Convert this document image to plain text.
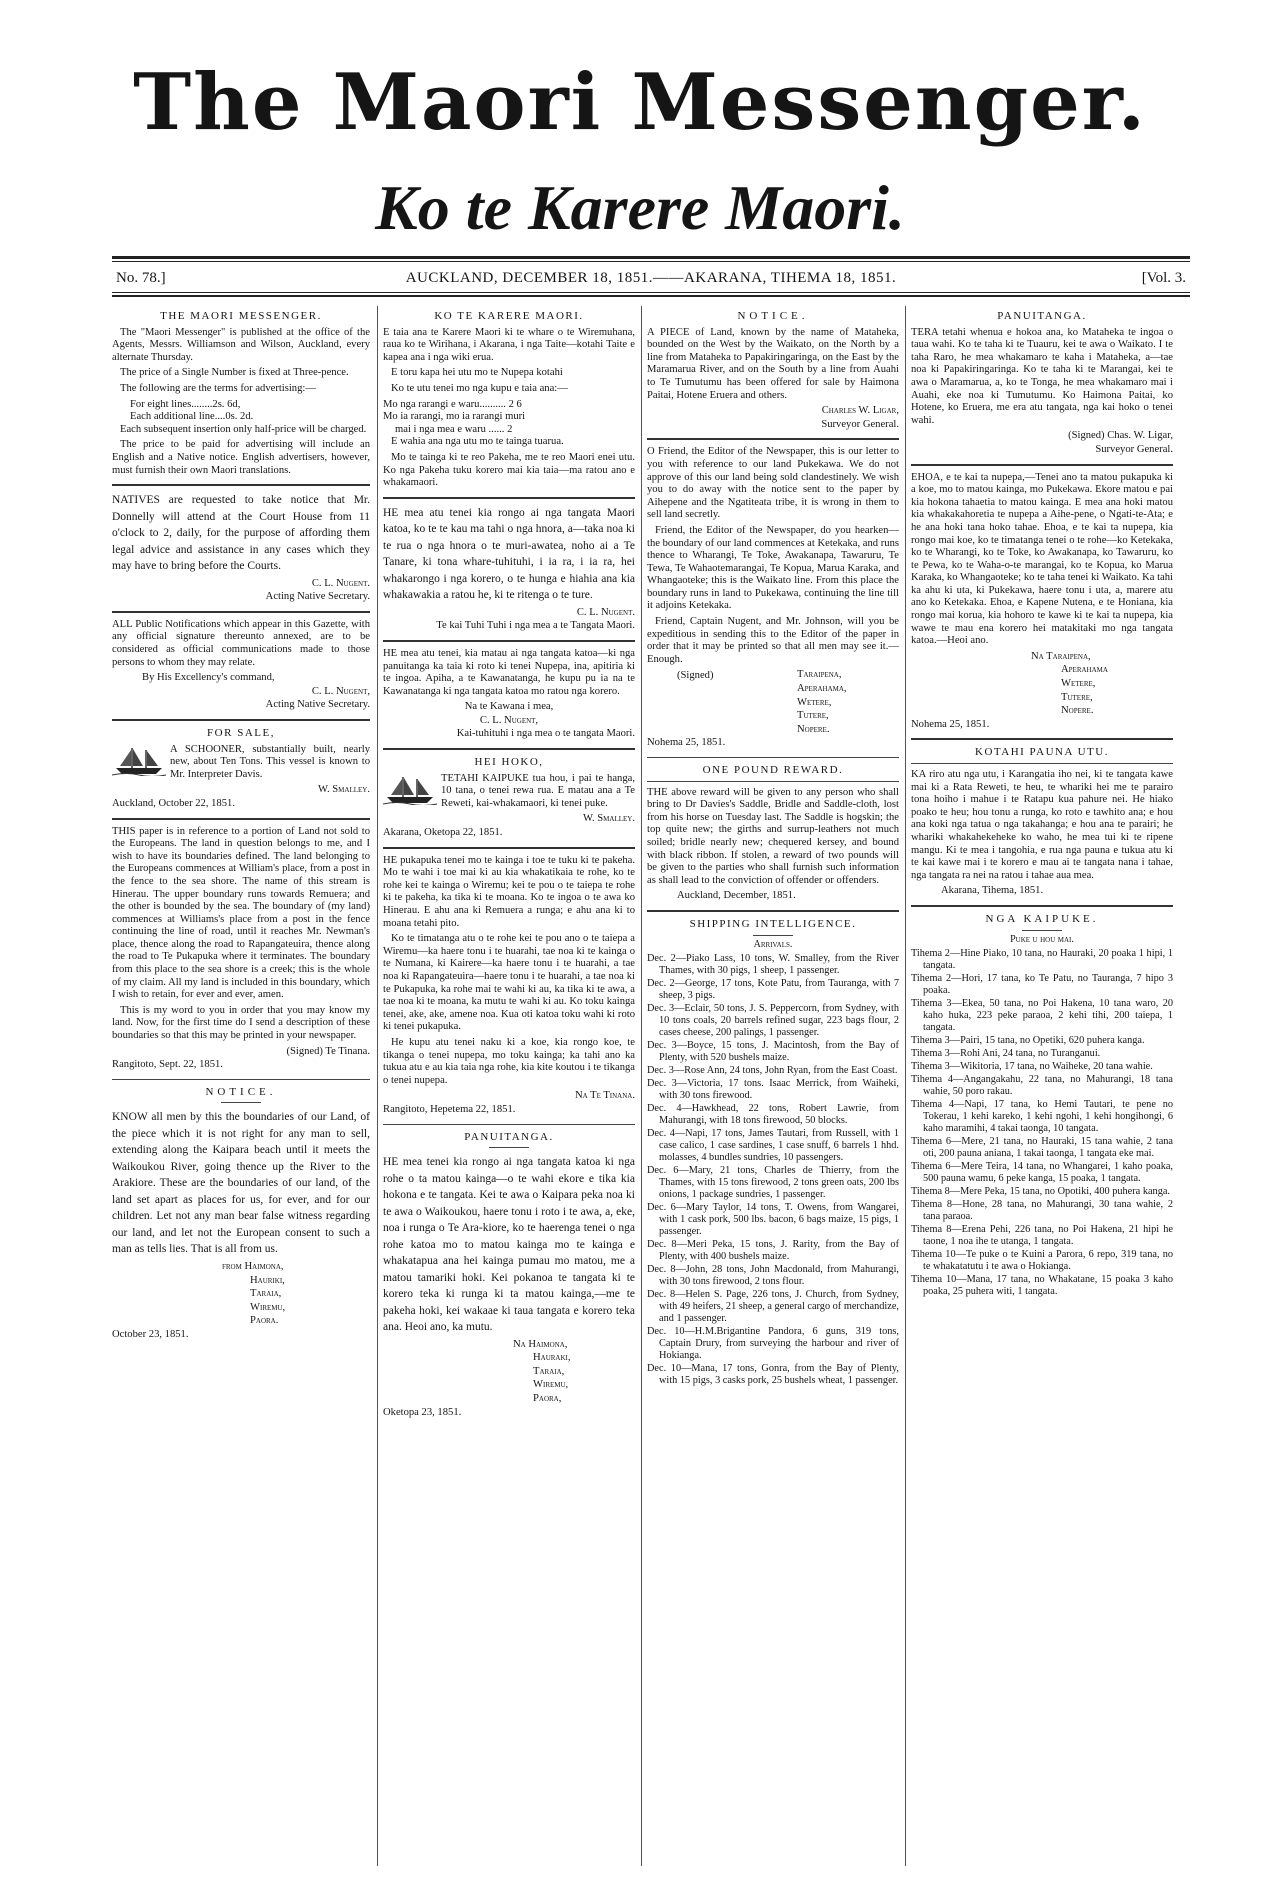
The Maori Messenger.
Ko te Karere Maori.
No. 78.]	AUCKLAND, DECEMBER 18, 1851.——AKARANA, TIHEMA 18, 1851.	[Vol. 3.
THE MAORI MESSENGER.

The "Maori Messenger" is published at the office of the Agents, Messrs. Williamson and Wilson, Auckland, every alternate Thursday.

The price of a Single Number is fixed at Three-pence.

The following are the terms for advertising:—

For eight lines........2s. 6d,
Each additional line....0s. 2d.

Each subsequent insertion only half-price will be charged.

The price to be paid for advertising will include an English and a Native notice. English advertisers, however, must furnish their own Maori translations.

NATIVES are requested to take notice that Mr. Donnelly will attend at the Court House from 11 o'clock to 2, daily, for the purpose of affording them legal advice and assistance in any cases which they may have to bring before the Courts.

C. L. Nugent.
Acting Native Secretary.

ALL Public Notifications which appear in this Gazette, with any official signature thereunto annexed, are to be considered as official communications made to those persons to whom they may relate.

By His Excellency's command,
C. L. Nugent,
Acting Native Secretary.
FOR SALE,

A SCHOONER, substantially built, nearly new, about Ten Tons. This vessel is known to Mr. Interpreter Davis.

W. Smalley.
Auckland, October 22, 1851.

THIS paper is in reference to a portion of Land not sold to the Europeans. The land in question belongs to me, and I wish to have its boundaries defined. The land belonging to the Europeans commences at William's place, from a post in the fence to the sea shore. The name of this stream is Hinerau. The upper boundary runs towards Remuera; and the other is bounded by the sea. The boundary of (my land) commences at Williams's place from a post in the fence continuing the line of road, until it reaches Mr. Newman's place, thence along the road to Rapangateuira, thence along the road to Te Pukapuka where it terminates. The boundary from this place to the sea shore is a creek; this is the whole of my claim. All my land is included in this boundary, which I wish to retain, for ever and ever, amen.

This is my word to you in order that you may know my land. Now, for the first time do I send a description of these boundaries so that this may be printed in your newspaper.

(Signed) Te Tinana.
Rangitoto, Sept. 22, 1851.
NOTICE.

KNOW all men by this the boundaries of our Land, of the piece which it is not right for any man to sell, extending along the Kaipara beach until it meets the Waikoukou River, going thence up the River to the Arakiore. These are the boundaries of our land, of the land set apart as places for us, for ever, and for our children. Let not any man bear false witness regarding our land, and let not the European consent to such a man as tells lies. That is all from us.

from Haimona,
Hauriki,
Taraia,
Wiremu,
Paora.
October 23, 1851.
KO TE KARERE MAORI.

E taia ana te Karere Maori ki te whare o te Wiremuhana, raua ko te Wirihana, i Akarana, i nga Taite—kotahi Taite e kapea ana i nga wiki erua.

E toru kapa hei utu mo te Nupepa kotahi

Ko te utu tenei mo nga kupu e taia ana:—

Mo nga rarangi e waru.......... 2 6
Mo ia rarangi, mo ia rarangi muri
mai i nga mea e waru ...... 2

E wahia ana nga utu mo te tainga tuarua.

Mo te tainga ki te reo Pakeha, me te reo Maori enei utu. Ko nga Pakeha tuku korero mai kia taia—ma ratou ano e whakamaori.

HE mea atu tenei kia rongo ai nga tangata Maori katoa, ko te te kau ma tahi o nga hnora, a—taka noa ki te rua o nga hnora o te muri-awatea, noho ai a Te Tanare, ki tona whare-tuhituhi, i ia ra, i ia ra, hei whakarongo i nga korero, o te hunga e hiahia ana kia whakawakia a ratou he, ki te ritenga o te ture.

C. L. Nugent.
Te kai Tuhi Tuhi i nga mea a te Tangata Maori.

HE mea atu tenei, kia matau ai nga tangata katoa—ki nga panuitanga ka taia ki roto ki tenei Nupepa, ina, apitiria ki te ingoa. Apiha, a te Kawanatanga, he kupu pu ia na te Kawanatanga ki nga tangata katoa mo ratou nga korero.

Na te Kawana i mea,
C. L. Nugent,
Kai-tuhituhi i nga mea o te tangata Maori.
HEI HOKO,

TETAHI KAIPUKE tua hou, i pai te hanga, 10 tana, o tenei rewa rua. E matau ana a Te Reweti, kai-whakamaori, ki tenei puke.

W. Smalley.
Akarana, Oketopa 22, 1851.

HE pukapuka tenei mo te kainga i toe te tuku ki te pakeha. Mo te wahi i toe mai ki au kia whakatikaia te rohe, ko te rohe kei te kainga o Wiremu; kei te pou o te taiepa te rohe ki te pakeha, ka tika ki te moana. Ko te ingoa o te awa ko Hinerau. E ahu ana ki Remuera a runga; e ahu ana ki to moana tetahi pito.

Ko te timatanga atu o te rohe kei te pou ano o te taiepa a Wiremu—ka haere tonu i te huarahi, tae noa ki te kainga o te Numana, ki Kairere—ka haere tonu i te huarahi, a tae noa ki Rapangateuira—haere tonu i te huarahi, a tae noa ki te Pukapuka, ka rohe mai te wahi ki au, ka tika ki te awa, a tae noa ki te moana, ka mutu te wahi ki au. Ko toku kainga tenei, ake, ake, amene noa. Kua oti katoa toku wahi ki roto ki tenei pukapuka.

He kupu atu tenei naku ki a koe, kia rongo koe, te tikanga o tenei nupepa, mo toku kainga; ka tahi ano ka tukua atu e au kia taia nga rohe, kia kite koutou i te tikanga o tenei nupepa.

Na Te Tinana.
Rangitoto, Hepetema 22, 1851.
PANUITANGA.

HE mea tenei kia rongo ai nga tangata katoa ki nga rohe o ta matou kainga—o te wahi ekore e tika kia hokona e te tangata. Kei te awa o Kaipara peka noa ki te awa o Waikoukou, haere tonu i roto i te awa, a, eke, noa i runga o Te Ara-kiore, ko te haerenga tenei o nga rohe katoa mo to matou kainga mo te kainga e whakatapua ana hei kainga pumau mo matou, me a matou tamariki hoki. Kei pokanoa te tangata ki te korero teka ki runga ki ta matou kainga,—me te pakeha hoki, kei wakaae ki taua tangata e korero teka ana. Heoi ano, ka mutu.

Na Haimona,
Hauraki,
Taraia,
Wiremu,
Paora,
Oketopa 23, 1851.
NOTICE.

A PIECE of Land, known by the name of Mataheka, bounded on the West by the Waikato, on the North by a line from Mataheka to Papakiringaringa, on the East by the Maramarua River, and on the South by a line from Auahi to Te Tumutumu has been offered for sale by Haimona Paitai, Hotene Eruera and others.

Charles W. Ligar,
Surveyor General.

O Friend, the Editor of the Newspaper, this is our letter to you with reference to our land Pukekawa. We do not approve of this our land being sold clandestinely. We wish you to do away with the notice sent to the paper by Aihepene and the Ngatiteata tribe, it is wrong in them to sell land secretly.

Friend, the Editor of the Newspaper, do you hearken—the boundary of our land commences at Ketekaka, and runs thence to Wharangi, Te Toke, Awakanapa, Tawaruru, Te Tewa, Te Wahaotemarangai, Te Kopua, Marua Karaka, and Whangaoteke; this is the Waikato line. From this place the boundary runs in land to Pukekawa, continuing the line till it adjoins Ketekaka.

Friend, Captain Nugent, and Mr. Johnson, will you be expeditious in sending this to the Editor of the paper in order that it may be printed so that all men may see it.—Enough.

(Signed)	Taraipena,
Aperahama,
Wetere,
Tutere,
Nopere.
Nohema 25, 1851.
ONE POUND REWARD.

THE above reward will be given to any person who shall bring to Dr Davies's Saddle, Bridle and Saddle-cloth, lost from his horse on Tuesday last. The Saddle is hogskin; the top quite new; the girths and surrup-leathers not much soiled; bridle nearly new; chequered kersey, and bound with black ribbon. If stolen, a reward of two pounds will be given to the parties who shall furnish such information as shall lead to the conviction of offender or offenders.

Auckland, December, 1851.
SHIPPING INTELLIGENCE.
Arrivals.
Dec. 2—Piako Lass, 10 tons, W. Smalley, from the River Thames, with 30 pigs, 1 sheep, 1 passenger.
Dec. 2—George, 17 tons, Kote Patu, from Tauranga, with 7 sheep, 3 pigs.
Dec. 3—Eclair, 50 tons, J. S. Peppercorn, from Sydney, with 10 tons coals, 20 barrels refined sugar, 223 bags flour, 2 cases cheese, 200 palings, 1 passenger.
Dec. 3—Boyce, 15 tons, J. Macintosh, from the Bay of Plenty, with 520 bushels maize.
Dec. 3—Rose Ann, 24 tons, John Ryan, from the East Coast.
Dec. 3—Victoria, 17 tons. Isaac Merrick, from Waiheki, with 30 tons firewood.
Dec. 4—Hawkhead, 22 tons, Robert Lawrie, from Mahurangi, with 18 tons firewood, 50 blocks.
Dec. 4—Napi, 17 tons, James Tautari, from Russell, with 1 case calico, 1 case sardines, 1 case snuff, 6 barrels 1 hhd. molasses, 4 bundles sundries, 10 passengers.
Dec. 6—Mary, 21 tons, Charles de Thierry, from the Thames, with 15 tons firewood, 2 tons green oats, 200 lbs onions, 1 package sundries, 1 passenger.
Dec. 6—Mary Taylor, 14 tons, T. Owens, from Wangarei, with 1 cask pork, 500 lbs. bacon, 6 bags maize, 15 pigs, 1 passenger.
Dec. 8—Meri Peka, 15 tons, J. Rarity, from the Bay of Plenty, with 400 bushels maize.
Dec. 8—John, 28 tons, John Macdonald, from Mahurangi, with 30 tons firewood, 2 tons flour.
Dec. 8—Helen S. Page, 226 tons, J. Church, from Sydney, with 49 heifers, 21 sheep, a general cargo of merchandize, and 1 passenger.
Dec. 10—H.M.Brigantine Pandora, 6 guns, 319 tons, Captain Drury, from surveying the harbour and river of Hokianga.
Dec. 10—Mana, 17 tons, Gonra, from the Bay of Plenty, with 15 pigs, 3 casks pork, 25 bushels wheat, 1 passenger.
PANUITANGA.

TERA tetahi whenua e hokoa ana, ko Mataheka te ingoa o taua wahi. Ko te taha ki te Tuauru, kei te awa o Waikato. I te taha Raro, he mea whakamaro te kaha i Mataheka, a—tae noa ki Papakiringaringa. Ko te taha ki te Marangai, kei te awa o Maramarua, a, ko te Tonga, he mea whakamaro mai i Auahi, eke noa ki Tumutumu. Ko Haimona Paitai, ko Hotene, ko Eruera, me era atu tangata, nga kai hoko o tenei wahi.

(Signed) Chas. W. Ligar,
Surveyor General.

EHOA, e te kai ta nupepa,—Tenei ano ta matou pukapuka ki a koe, mo to matou kainga, mo Pukekawa. Ekore matou e pai kia hokona tahaetia to matou kainga. E mea ana hoki matou kia whakakahoretia te nupepa a Aihe-pene, o Ngati-te-Ata; e he ana hoki tana hoko tahae. Ehoa, e te kai ta nupepa, kia rongo mai koe, ko te timatanga tenei o te rohe—ko Ketekaka, ko te Wharangi, ko te Toke, ko Awakanapa, ko Tawaruru, ko te Pewa, ko te Waha-o-te marangai, ko te Kopua, ko Marua Karaka, ko Whangaoteke; ko te taha tenei ki Waikato. Ka tahi ka ahu ki uta, ki Pukekawa, haere tonu i uta, a, marere atu ano ko Ketekaka. Ehoa, e Kapene Nutena, e te Honiana, kia rongo mai korua, kia hohoro te kawe ki te kai ta nupepa, kia wawe te mau ena korero hei matakitaki mo nga tangata katoa.—Heoi ano.

Na Taraipena,
Aperahama
Wetere,
Tutere,
Nopere.
Nohema 25, 1851.
KOTAHI PAUNA UTU.

KA riro atu nga utu, i Karangatia iho nei, ki te tangata kawe mai ki a Rata Reweti, te heu, te whariki hei me te parairo tona hoiho i mahue i te Ratapu kua pahure nei. He hiako poako te heu; hou tonu a runga, ko roto e tawhito ana; e hou ana koki nga tatua o nga takahanga; e hou ana te parairi; he whariki whakahekeheke ko waho, he mea tui ki te ripene mangu. Ki te mea i tangohia, e rua nga pauna e tukua atu ki te kai kawe mai i te korero e mau ai te tangata nana i tahae, nga tangata ra nei na ratou i tahae aua mea.

Akarana, Tihema, 1851.
NGA KAIPUKE.
Puke u hou mai.
Tihema 2—Hine Piako, 10 tana, no Hauraki, 20 poaka 1 hipi, 1 tangata.
Tihema 2—Hori, 17 tana, ko Te Patu, no Tauranga, 7 hipo 3 poaka.
Tihema 3—Ekea, 50 tana, no Poi Hakena, 10 tana waro, 20 kaho huka, 223 peke paraoa, 2 kehi tihi, 200 taiepa, 1 tangata.
Tihema 3—Pairi, 15 tana, no Opetiki, 620 puhera kanga.
Tihema 3—Rohi Ani, 24 tana, no Turanganui.
Tihema 3—Wikitoria, 17 tana, no Waiheke, 20 tana wahie.
Tihema 4—Angangakahu, 22 tana, no Mahurangi, 18 tana wahie, 50 poro rakau.
Tihema 4—Napi, 17 tana, ko Hemi Tautari, te pene no Tokerau, 1 kehi kareko, 1 kehi ngohi, 1 kehi hongihongi, 6 kaho maramihi, 4 takai taonga, 10 tangata.
Tihema 6—Mere, 21 tana, no Hauraki, 15 tana wahie, 2 tana oti, 200 pauna aniana, 1 takai taonga, 1 tangata eke mai.
Tihema 6—Mere Teira, 14 tana, no Whangarei, 1 kaho poaka, 500 pauna wamu, 6 peke kanga, 15 poaka, 1 tangata.
Tihema 8—Mere Peka, 15 tana, no Opotiki, 400 puhera kanga.
Tihema 8—Hone, 28 tana, no Mahurangi, 30 tana wahie, 2 tana paraoa.
Tihema 8—Erena Pehi, 226 tana, no Poi Hakena, 21 hipi he taone, 1 noa ihe te utanga, 1 tangata.
Tihema 10—Te puke o te Kuini a Parora, 6 repo, 319 tana, no te whakatatutu i te awa o Hokianga.
Tihema 10—Mana, 17 tana, no Whakatane, 15 poaka 3 kaho poaka, 25 puhera witi, 1 tangata.
